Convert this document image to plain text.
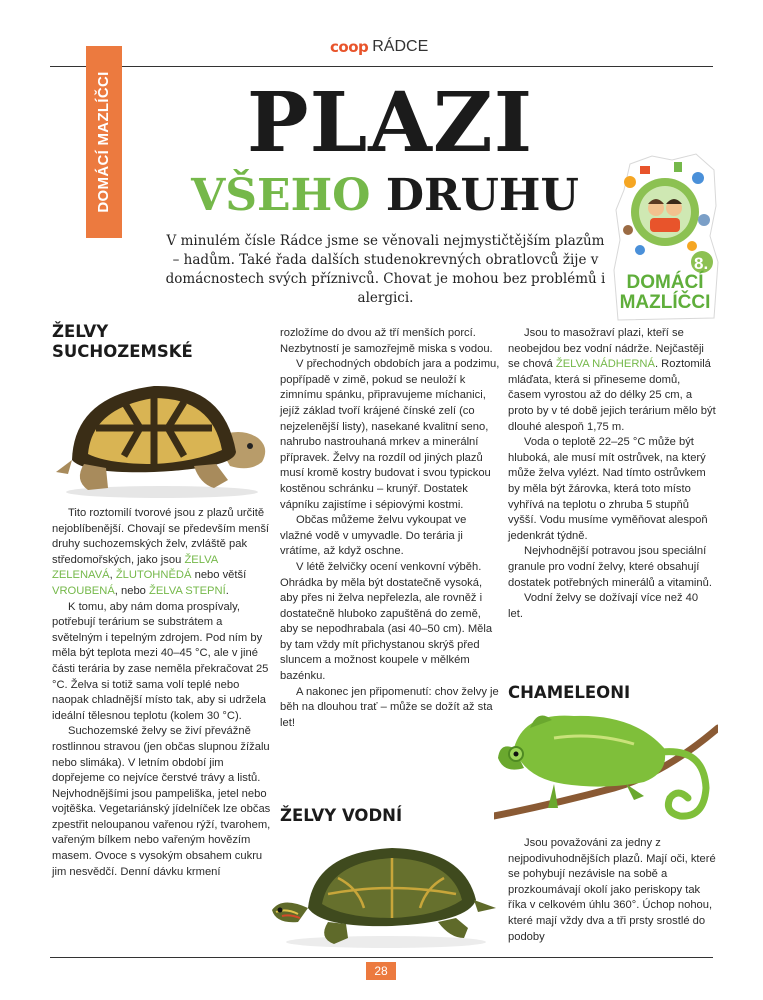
coop RÁDCE
DOMÁCÍ MAZLÍČCI	PLAZI
VŠEHO DRUHU
V minulém čísle Rádce jsme se věnovali nejmystičtějším plazům – hadům. Také řada dalších studenokrevných obratlovců žije v domácnostech svých příznivců. Chovat je mohou bez problémů i alergici.
8.
DOMÁCÍ
MAZLÍČCI
ŽELVY
SUCHOZEMSKÉ

Tito roztomilí tvorové jsou z plazů určitě nejoblíbenější. Chovají se především menší druhy suchozemských želv, zvláště pak středomořských, jako jsou ŽELVA ZELENAVÁ, ŽLUTOHNĚDÁ nebo větší VROUBENÁ, nebo ŽELVA STEPNÍ.

K tomu, aby nám doma prospívaly, potřebují terárium se substrátem a světelným i tepelným zdrojem. Pod ním by měla být teplota mezi 40–45 °C, ale v jiné části terária by zase neměla překračovat 25 °C. Želva si totiž sama volí teplé nebo naopak chladnější místo tak, aby si udržela ideální tělesnou teplotu (kolem 30 °C).

Suchozemské želvy se živí převážně rostlinnou stravou (jen občas slupnou žížalu nebo slimáka). V letním období jim dopřejeme co nejvíce čerstvé trávy a listů. Nejvhodnějšími jsou pampeliška, jetel nebo vojtěška. Vegetariánský jídelníček lze občas zpestřit neloupanou vařenou rýží, tvarohem, vařeným bílkem nebo vařeným hovězím masem. Ovoce s vysokým obsahem cukru jim nesvědčí. Denní dávku krmení

rozložíme do dvou až tří menších porcí. Nezbytností je samozřejmě miska s vodou.

V přechodných obdobích jara a podzimu, popřípadě v zimě, pokud se neuloží k zimnímu spánku, připravujeme míchanici, jejíž základ tvoří krájené čínské zelí (co nejzelenější listy), nasekané kvalitní seno, nahrubo nastrouhaná mrkev a minerální přípravek. Želvy na rozdíl od jiných plazů musí kromě kostry budovat i svou typickou kostěnou schránku – krunýř. Dostatek vápníku zajistíme i sépiovými kostmi.

Občas můžeme želvu vykoupat ve vlažné vodě v umyvadle. Do terária ji vrátíme, až když oschne.

V létě želvičky ocení venkovní výběh. Ohrádka by měla být dostatečně vysoká, aby přes ni želva nepřelezla, ale rovněž i dostatečně hluboko zapuštěná do země, aby se nepodhrabala (asi 40–50 cm). Měla by tam vždy mít přichystanou skrýš před sluncem a možnost koupele v mělkém bazénku.

A nakonec jen připomenutí: chov želvy je běh na dlouhou trať – může se dožít až sta let!

ŽELVY VODNÍ

Jsou to masožraví plazi, kteří se neobejdou bez vodní nádrže. Nejčastěji se chová ŽELVA NÁDHERNÁ. Roztomilá mláďata, která si přineseme domů, časem vyrostou až do délky 25 cm, a proto by v té době jejich terárium mělo být dlouhé alespoň 1,75 m.

Voda o teplotě 22–25 °C může být hluboká, ale musí mít ostrůvek, na který může želva vylézt. Nad tímto ostrůvkem by měla být žárovka, která toto místo vyhřívá na teplotu o zhruba 5 stupňů vyšší. Vodu musíme vyměňovat alespoň jedenkrát týdně.

Nejvhodnější potravou jsou speciální granule pro vodní želvy, které obsahují dostatek potřebných minerálů a vitaminů.

Vodní želvy se dožívají více než 40 let.

CHAMELEONI

Jsou považováni za jedny z nejpodivuhodnějších plazů. Mají oči, které se pohybují nezávisle na sobě a prozkoumávají okolí jako periskopy tak říka v celkovém úhlu 360°. Úchop nohou, které mají vždy dva a tři prsty srostlé do podoby

28
